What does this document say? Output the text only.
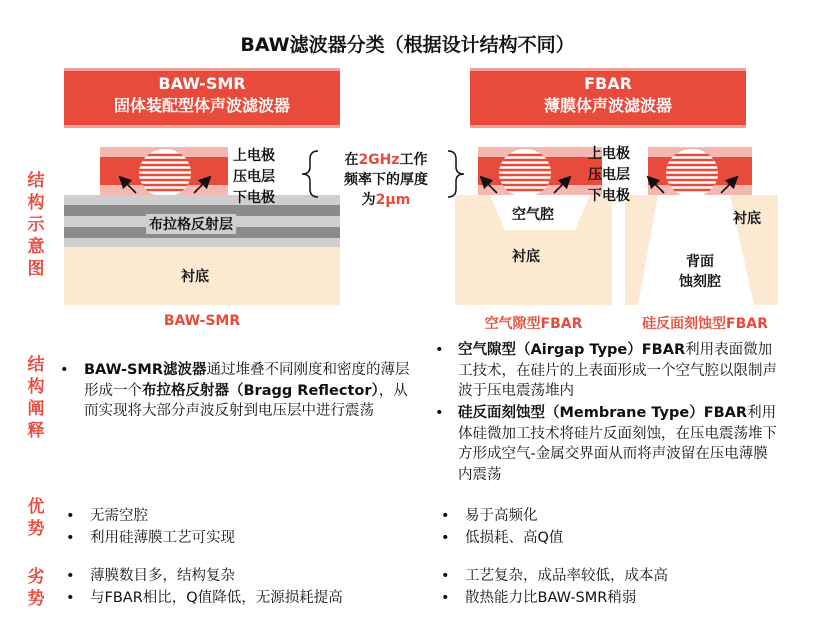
BAW滤波器分类（根据设计结构不同）
BAW-SMR
固体装配型体声波滤波器
FBAR
薄膜体声波滤波器
结
构
示
意
图
结
构
阐
释
优
势
劣
势
上电极
压电层
下电极
布拉格反射层
衬底
BAW-SMR
在2GHz工作
频率下的厚度
为2μm
上电极
压电层
下电极
空气腔
衬底
空气隙型FBAR
衬底
背面
蚀刻腔
硅反面刻蚀型FBAR
• BAW-SMR滤波器通过堆叠不同刚度和密度的薄层形成一个布拉格反射器（Bragg Reflector），从而实现将大部分声波反射到电压层中进行震荡
• 空气隙型（Airgap Type）FBAR利用表面微加工技术，在硅片的上表面形成一个空气腔以限制声波于压电震荡堆内
• 硅反面刻蚀型（Membrane Type）FBAR利用体硅微加工技术将硅片反面刻蚀，在压电震荡堆下方形成空气-金属交界面从而将声波留在压电薄膜内震荡
• 无需空腔
• 利用硅薄膜工艺可实现
• 易于高频化
• 低损耗、高Q值
• 薄膜数目多，结构复杂
• 与FBAR相比，Q值降低，无源损耗提高
• 工艺复杂，成品率较低，成本高
• 散热能力比BAW-SMR稍弱
